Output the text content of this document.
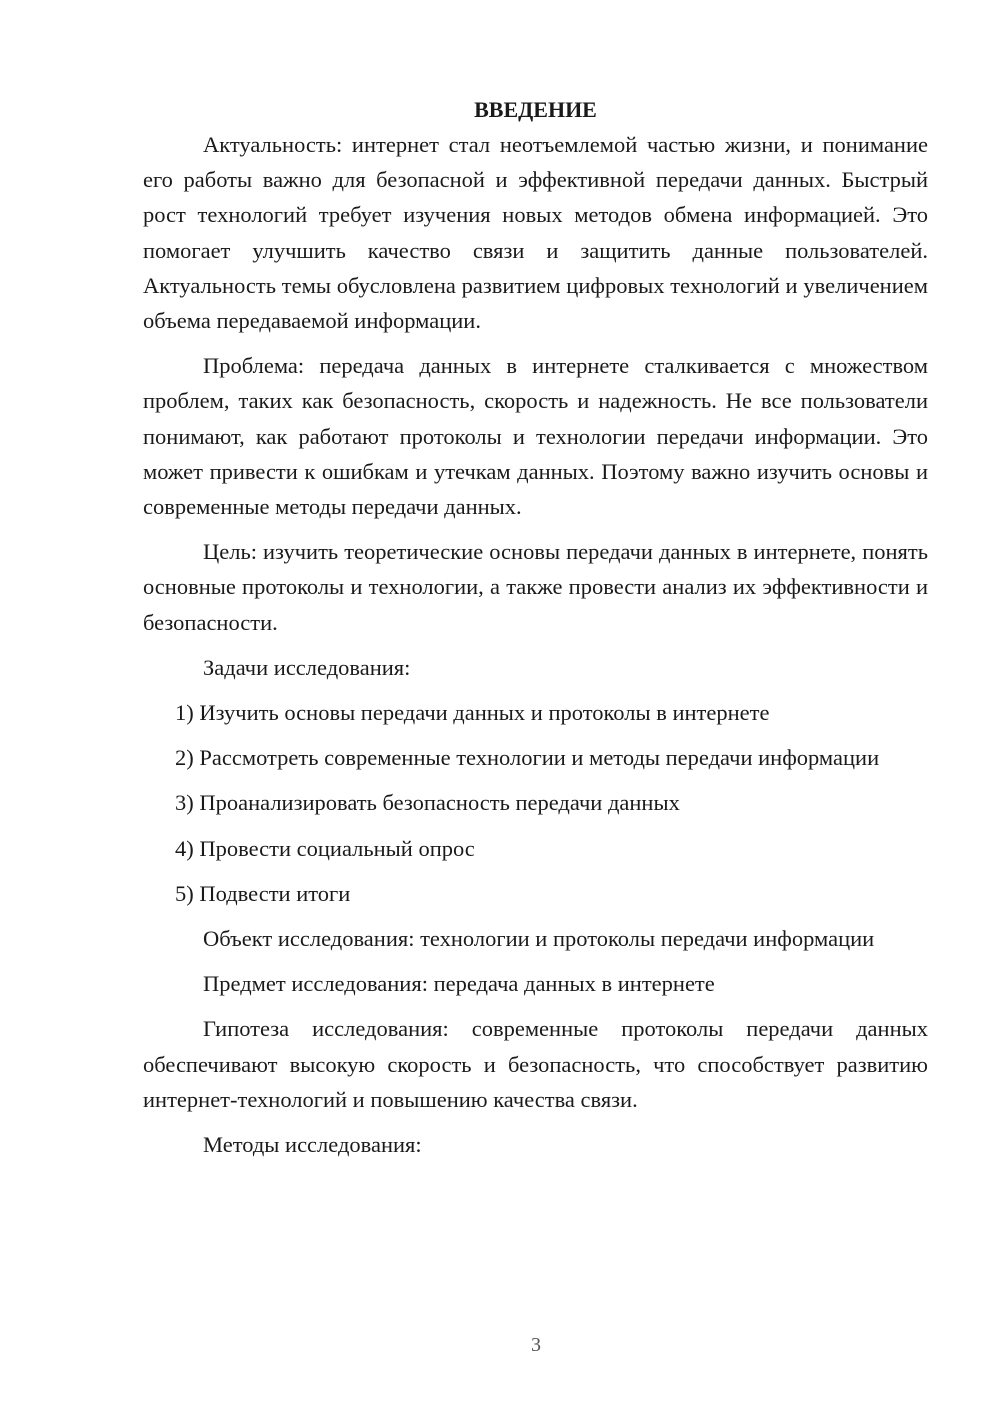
ВВЕДЕНИЕ

Актуальность: интернет стал неотъемлемой частью жизни, и понимание его работы важно для безопасной и эффективной передачи данных. Быстрый рост технологий требует изучения новых методов обмена информацией. Это помогает улучшить качество связи и защитить данные пользователей. Актуальность темы обусловлена развитием цифровых технологий и увеличением объема передаваемой информации.

Проблема: передача данных в интернете сталкивается с множеством проблем, таких как безопасность, скорость и надежность. Не все пользователи понимают, как работают протоколы и технологии передачи информации. Это может привести к ошибкам и утечкам данных. Поэтому важно изучить основы и современные методы передачи данных.

Цель: изучить теоретические основы передачи данных в интернете, понять основные протоколы и технологии, а также провести анализ их эффективности и безопасности.

Задачи исследования:

1) Изучить основы передачи данных и протоколы в интернете

2) Рассмотреть современные технологии и методы передачи информации

3) Проанализировать безопасность передачи данных

4) Провести социальный опрос

5) Подвести итоги

Объект исследования: технологии и протоколы передачи информации

Предмет исследования: передача данных в интернете

Гипотеза исследования: современные протоколы передачи данных обеспечивают высокую скорость и безопасность, что способствует развитию интернет-технологий и повышению качества связи.

Методы исследования:

3
